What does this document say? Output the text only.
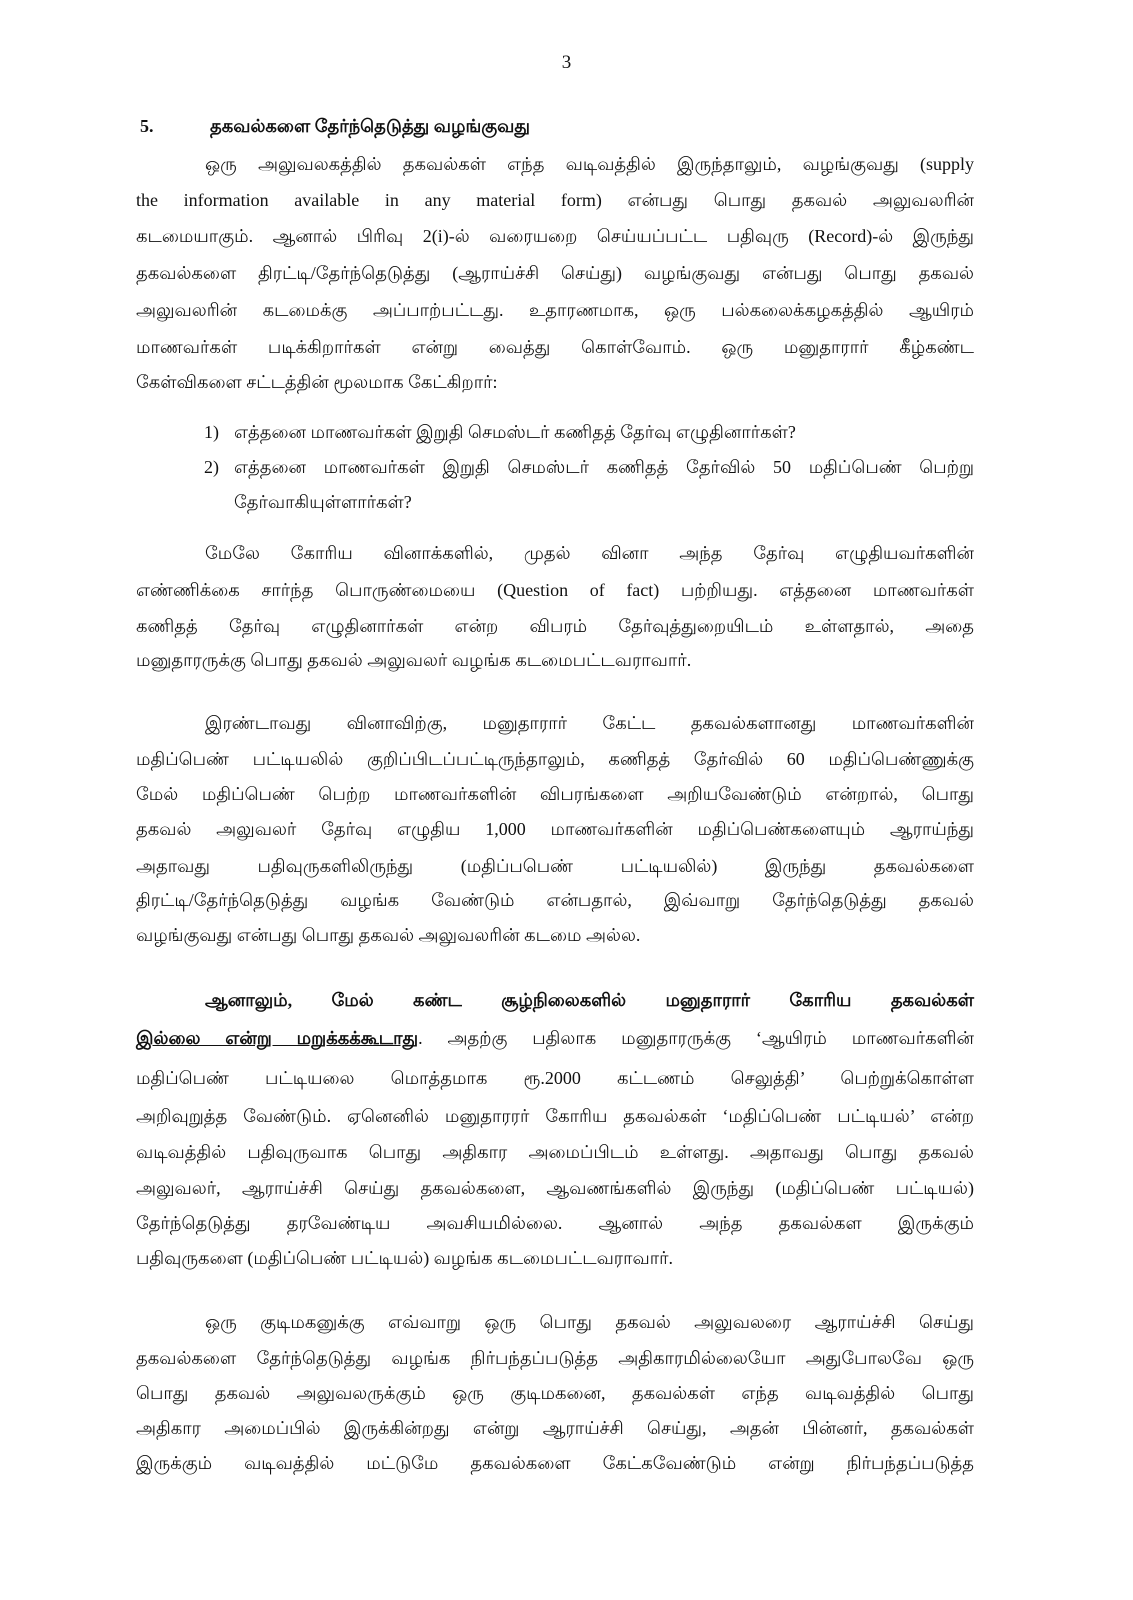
3
5.	தகவல்களை தேர்ந்தெடுத்து வழங்குவது
ஒரு அலுவலகத்தில் தகவல்கள் எந்த வடிவத்தில் இருந்தாலும், வழங்குவது (supply
the information available in any material form) என்பது பொது தகவல் அலுவலரின்
கடமையாகும். ஆனால் பிரிவு 2(i)-ல் வரையறை செய்யப்பட்ட பதிவுரு (Record)-ல் இருந்து
தகவல்களை திரட்டி/தேர்ந்தெடுத்து (ஆராய்ச்சி செய்து) வழங்குவது என்பது பொது தகவல்
அலுவலரின் கடமைக்கு அப்பாற்பட்டது. உதாரணமாக, ஒரு பல்கலைக்கழகத்தில் ஆயிரம்
மாணவர்கள் படிக்கிறார்கள் என்று வைத்து கொள்வோம். ஒரு மனுதாரார் கீழ்கண்ட
கேள்விகளை சட்டத்தின் மூலமாக கேட்கிறார்:
1) எத்தனை மாணவர்கள் இறுதி செமஸ்டர் கணிதத் தேர்வு எழுதினார்கள்?
2) எத்தனை மாணவர்கள் இறுதி செமஸ்டர் கணிதத் தேர்வில் 50 மதிப்பெண் பெற்று
தேர்வாகியுள்ளார்கள்?
மேலே கோரிய வினாக்களில், முதல் வினா அந்த தேர்வு எழுதியவர்களின்
எண்ணிக்கை சார்ந்த பொருண்மையை (Question of fact) பற்றியது. எத்தனை மாணவர்கள்
கணிதத் தேர்வு எழுதினார்கள் என்ற விபரம் தேர்வுத்துறையிடம் உள்ளதால், அதை
மனுதாரருக்கு பொது தகவல் அலுவலர் வழங்க கடமைபட்டவராவார்.
இரண்டாவது வினாவிற்கு, மனுதாரார் கேட்ட தகவல்களானது மாணவர்களின்
மதிப்பெண் பட்டியலில் குறிப்பிடப்பட்டிருந்தாலும், கணிதத் தேர்வில் 60 மதிப்பெண்ணுக்கு
மேல் மதிப்பெண் பெற்ற மாணவர்களின் விபரங்களை அறியவேண்டும் என்றால், பொது
தகவல் அலுவலர் தேர்வு எழுதிய 1,000 மாணவர்களின் மதிப்பெண்களையும் ஆராய்ந்து
அதாவது பதிவுருகளிலிருந்து (மதிப்பபெண் பட்டியலில்) இருந்து தகவல்களை
திரட்டி/தேர்ந்தெடுத்து வழங்க வேண்டும் என்பதால், இவ்வாறு தேர்ந்தெடுத்து தகவல்
வழங்குவது என்பது பொது தகவல் அலுவலரின் கடமை அல்ல.
ஆனாலும், மேல் கண்ட சூழ்நிலைகளில் மனுதாரார் கோரிய தகவல்கள்
இல்லை என்று மறுக்கக்கூடாது. அதற்கு பதிலாக மனுதாரருக்கு ‘ஆயிரம் மாணவர்களின்
மதிப்பெண் பட்டியலை மொத்தமாக ரூ.2000 கட்டணம் செலுத்தி’ பெற்றுக்கொள்ள
அறிவுறுத்த வேண்டும். ஏனெனில் மனுதாரரர் கோரிய தகவல்கள் ‘மதிப்பெண் பட்டியல்’ என்ற
வடிவத்தில் பதிவுருவாக பொது அதிகார அமைப்பிடம் உள்ளது. அதாவது பொது தகவல்
அலுவலர், ஆராய்ச்சி செய்து தகவல்களை, ஆவணங்களில் இருந்து (மதிப்பெண் பட்டியல்)
தேர்ந்தெடுத்து தரவேண்டிய அவசியமில்லை. ஆனால் அந்த தகவல்கள இருக்கும்
பதிவுருகளை (மதிப்பெண் பட்டியல்) வழங்க கடமைபட்டவராவார்.
ஒரு குடிமகனுக்கு எவ்வாறு ஒரு பொது தகவல் அலுவலரை ஆராய்ச்சி செய்து
தகவல்களை தேர்ந்தெடுத்து வழங்க நிர்பந்தப்படுத்த அதிகாரமில்லையோ அதுபோலவே ஒரு
பொது தகவல் அலுவலருக்கும் ஒரு குடிமகனை, தகவல்கள் எந்த வடிவத்தில் பொது
அதிகார அமைப்பில் இருக்கின்றது என்று ஆராய்ச்சி செய்து, அதன் பின்னர், தகவல்கள்
இருக்கும் வடிவத்தில் மட்டுமே தகவல்களை கேட்கவேண்டும் என்று நிர்பந்தப்படுத்த
